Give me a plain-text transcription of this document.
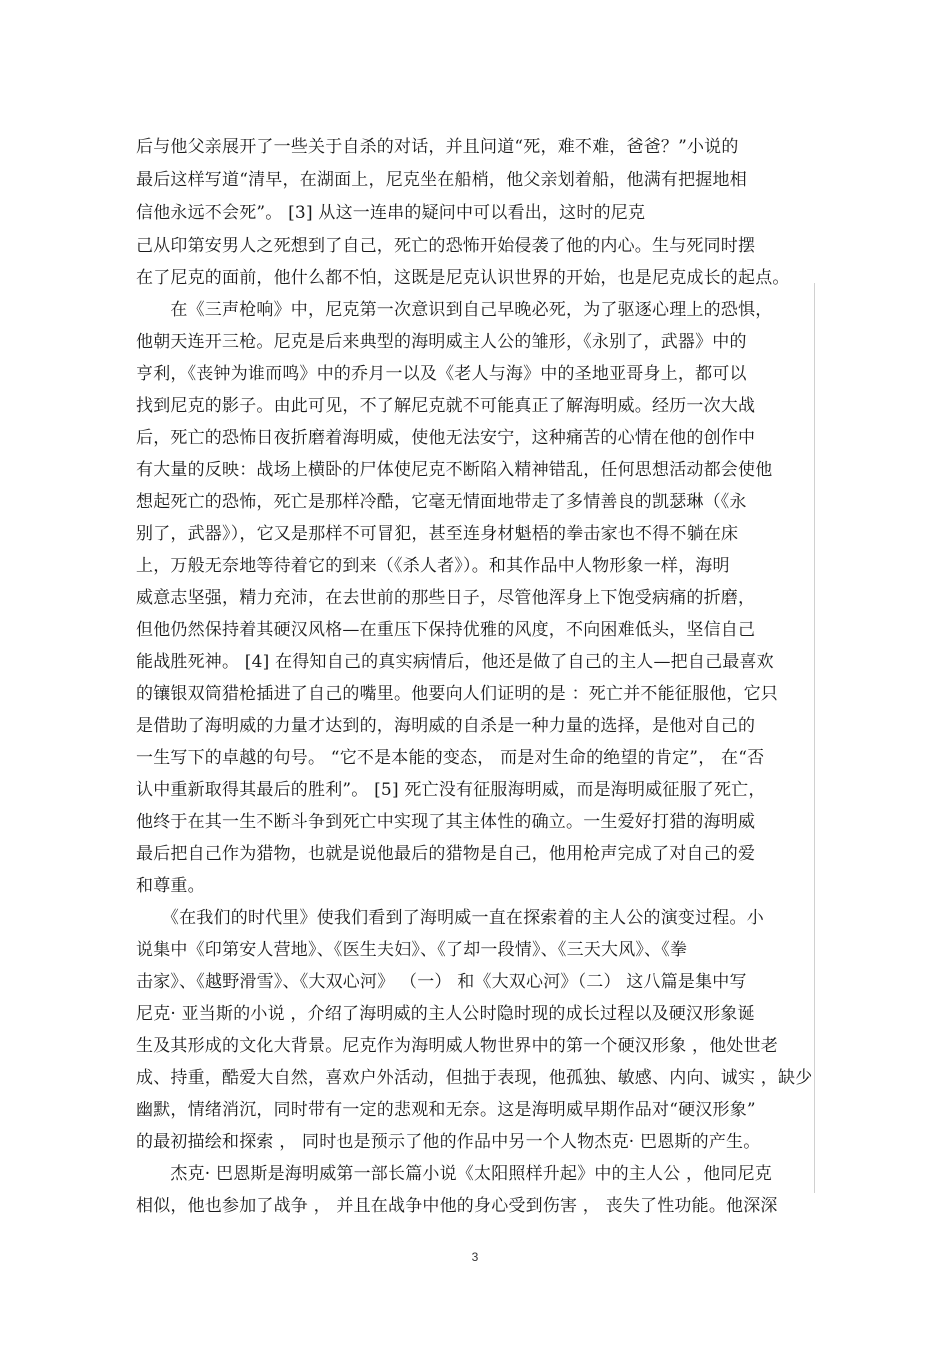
后与他父亲展开了一些关于自杀的对话，并且问道“死，难不难，爸爸？”小说的
最后这样写道“清早，在湖面上，尼克坐在船梢，他父亲划着船，他满有把握地相
信他永远不会死”。 [3] 从这一连串的疑问中可以看出，这时的尼克
己从印第安男人之死想到了自己，死亡的恐怖开始侵袭了他的内心。生与死同时摆
在了尼克的面前，他什么都不怕，这既是尼克认识世界的开始，也是尼克成长的起点。
　　在《三声枪响》中，尼克第一次意识到自己早晚必死，为了驱逐心理上的恐惧，
他朝天连开三枪。尼克是后来典型的海明威主人公的雏形，《永别了，武器》中的
亨利，《丧钟为谁而鸣》中的乔月一以及《老人与海》中的圣地亚哥身上，都可以
找到尼克的影子。由此可见，不了解尼克就不可能真正了解海明威。经历一次大战
后，死亡的恐怖日夜折磨着海明威，使他无法安宁，这种痛苦的心情在他的创作中
有大量的反映：战场上横卧的尸体使尼克不断陷入精神错乱，任何思想活动都会使他
想起死亡的恐怖，死亡是那样冷酷，它毫无情面地带走了多情善良的凯瑟琳（《永
别了，武器》），它又是那样不可冒犯，甚至连身材魁梧的拳击家也不得不躺在床
上，万般无奈地等待着它的到来（《杀人者》）。和其作品中人物形象一样，海明
威意志坚强，精力充沛，在去世前的那些日子，尽管他浑身上下饱受病痛的折磨，
但他仍然保持着其硬汉风格—在重压下保持优雅的风度，不向困难低头，坚信自己
能战胜死神。 [4] 在得知自己的真实病情后，他还是做了自己的主人—把自己最喜欢
的镶银双筒猎枪插进了自己的嘴里。他要向人们证明的是 ：死亡并不能征服他，它只
是借助了海明威的力量才达到的，海明威的自杀是一种力量的选择，是他对自己的
一生写下的卓越的句号。 “它不是本能的变态， 而是对生命的绝望的肯定”， 在“否
认中重新取得其最后的胜利”。 [5] 死亡没有征服海明威，而是海明威征服了死亡，
他终于在其一生不断斗争到死亡中实现了其主体性的确立。一生爱好打猎的海明威
最后把自己作为猎物，也就是说他最后的猎物是自己，他用枪声完成了对自己的爱
和尊重。
　　《在我们的时代里》使我们看到了海明威一直在探索着的主人公的演变过程。小
说集中《印第安人营地》、《医生夫妇》、《了却一段情》、《三天大风》、《拳
击家》、《越野滑雪》、《大双心河》 （一） 和《大双心河》（二） 这八篇是集中写
尼克· 亚当斯的小说 ，介绍了海明威的主人公时隐时现的成长过程以及硬汉形象诞
生及其形成的文化大背景。尼克作为海明威人物世界中的第一个硬汉形象 ，他处世老
成、持重，酷爱大自然，喜欢户外活动，但拙于表现，他孤独、敏感、内向、诚实 ，缺少
幽默，情绪消沉，同时带有一定的悲观和无奈。这是海明威早期作品对“硬汉形象”
的最初描绘和探索 ， 同时也是预示了他的作品中另一个人物杰克· 巴恩斯的产生。
　　杰克· 巴恩斯是海明威第一部长篇小说《太阳照样升起》中的主人公 ，他同尼克
相似，他也参加了战争 ， 并且在战争中他的身心受到伤害 ， 丧失了性功能。他深深
3
